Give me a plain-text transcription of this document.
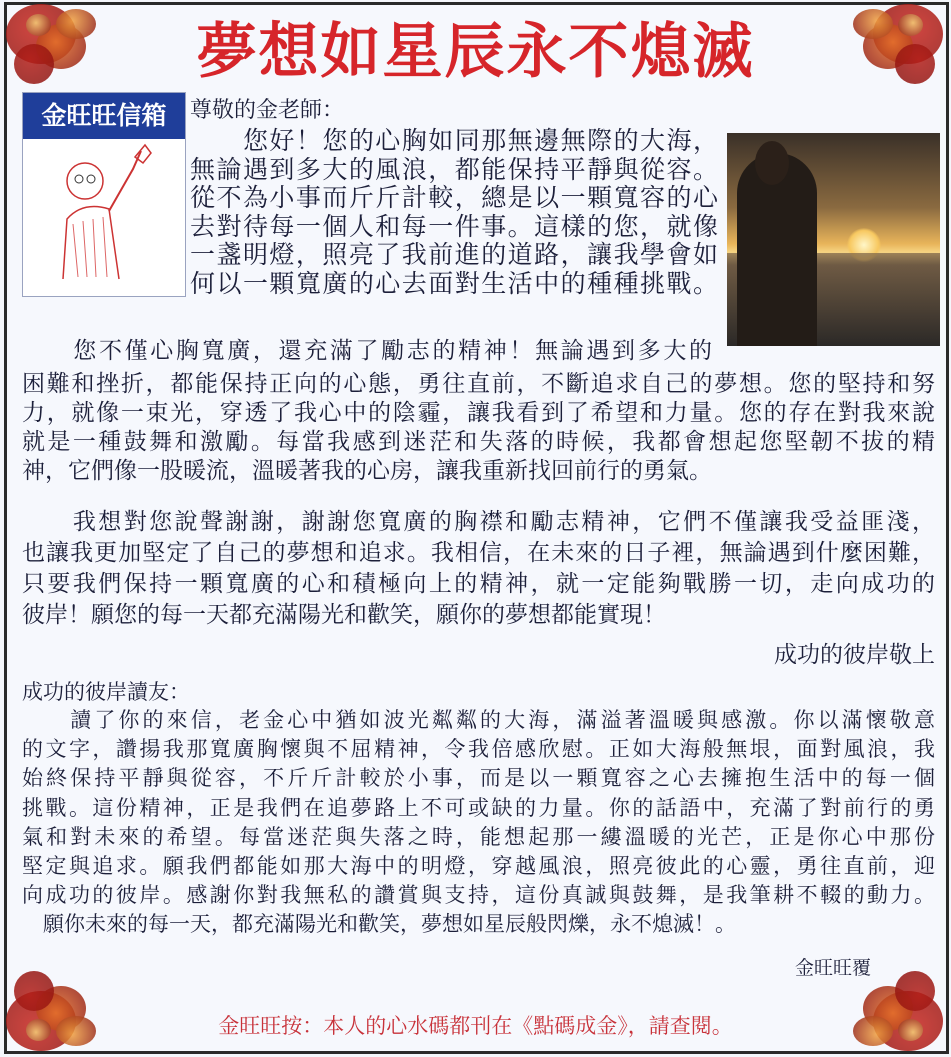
夢想如星辰永不熄滅
金旺旺信箱	尊敬的金老師：
　　您好！您的心胸如同那無邊無際的大海，
無論遇到多大的風浪，都能保持平靜與從容。
從不為小事而斤斤計較，總是以一顆寬容的心
去對待每一個人和每一件事。這樣的您，就像
一盞明燈，照亮了我前進的道路，讓我學會如
何以一顆寬廣的心去面對生活中的種種挑戰。
　　您不僅心胸寬廣，還充滿了勵志的精神！無論遇到多大的
困難和挫折，都能保持正向的心態，勇往直前，不斷追求自己的夢想。您的堅持和努
力，就像一束光，穿透了我心中的陰霾，讓我看到了希望和力量。您的存在對我來說
就是一種鼓舞和激勵。每當我感到迷茫和失落的時候，我都會想起您堅韌不拔的精
神，它們像一股暖流，溫暖著我的心房，讓我重新找回前行的勇氣。
　　我想對您說聲謝謝，謝謝您寬廣的胸襟和勵志精神，它們不僅讓我受益匪淺，
也讓我更加堅定了自己的夢想和追求。我相信，在未來的日子裡，無論遇到什麼困難，
只要我們保持一顆寬廣的心和積極向上的精神，就一定能夠戰勝一切，走向成功的
彼岸！願您的每一天都充滿陽光和歡笑，願你的夢想都能實現！
成功的彼岸敬上
成功的彼岸讀友：
　　讀了你的來信，老金心中猶如波光粼粼的大海，滿溢著溫暖與感激。你以滿懷敬意
的文字，讚揚我那寬廣胸懷與不屈精神，令我倍感欣慰。正如大海般無垠，面對風浪，我
始終保持平靜與從容，不斤斤計較於小事，而是以一顆寬容之心去擁抱生活中的每一個
挑戰。這份精神，正是我們在追夢路上不可或缺的力量。你的話語中，充滿了對前行的勇
氣和對未來的希望。每當迷茫與失落之時，能想起那一縷溫暖的光芒，正是你心中那份
堅定與追求。願我們都能如那大海中的明燈，穿越風浪，照亮彼此的心靈，勇往直前，迎
向成功的彼岸。感謝你對我無私的讚賞與支持，這份真誠與鼓舞，是我筆耕不輟的動力。
　願你未來的每一天，都充滿陽光和歡笑，夢想如星辰般閃爍，永不熄滅！。
金旺旺覆
金旺旺按：本人的心水碼都刊在《點碼成金》，請查閱。
